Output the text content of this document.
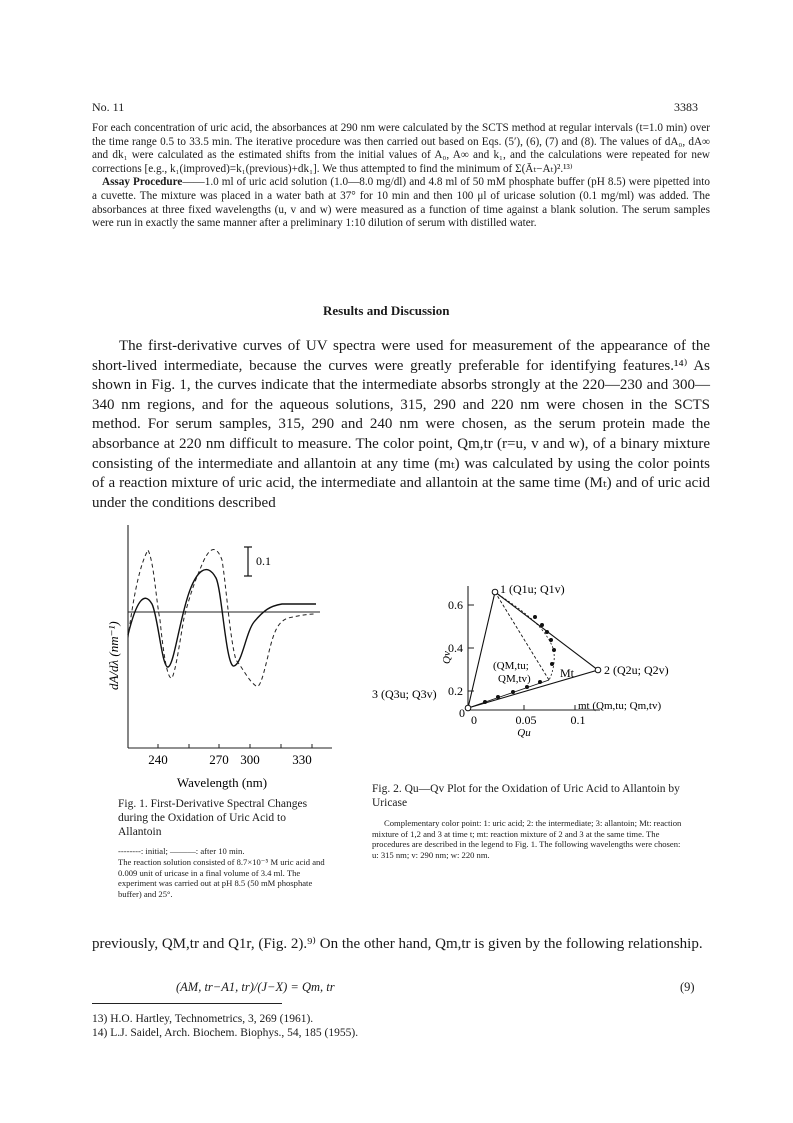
No. 11	3383

For each concentration of uric acid, the absorbances at 290 nm were calculated by the SCTS method at regular intervals (t=1.0 min) over the time range 0.5 to 33.5 min. The iterative procedure was then carried out based on Eqs. (5′), (6), (7) and (8). The values of dA₀, dA∞ and dk₁ were calculated as the estimated shifts from the initial values of A₀, A∞ and k₁, and the calculations were repeated for new corrections [e.g., k₁(improved)=k₁(previous)+dk₁]. We thus attempted to find the minimum of Σ(Āₜ−Aₜ)².¹³⁾

Assay Procedure——1.0 ml of uric acid solution (1.0—8.0 mg/dl) and 4.8 ml of 50 mM phosphate buffer (pH 8.5) were pipetted into a cuvette. The mixture was placed in a water bath at 37° for 10 min and then 100 μl of uricase solution (0.1 mg/ml) was added. The absorbances at three fixed wavelengths (u, v and w) were measured as a function of time against a blank solution. The serum samples were run in exactly the same manner after a preliminary 1:10 dilution of serum with distilled water.

Results and Discussion

The first-derivative curves of UV spectra were used for measurement of the appearance of the short-lived intermediate, because the curves were greatly preferable for identifying features.¹⁴⁾ As shown in Fig. 1, the curves indicate that the intermediate absorbs strongly at the 220—230 and 300—340 nm regions, and for the aqueous solutions, 315, 290 and 220 nm were chosen in the SCTS method. For serum samples, 315, 290 and 240 nm were chosen, as the serum protein made the absorbance at 220 nm difficult to measure. The color point, Qm,tr (r=u, v and w), of a binary mixture consisting of the intermediate and allantoin at any time (mₜ) was calculated by using the color points of a reaction mixture of uric acid, the intermediate and allantoin at the same time (Mₜ) and of uric acid under the conditions described

0.1
dA/dλ (nm⁻¹)
240	270 300	330
Wavelength (nm)
Fig. 1. First-Derivative Spectral Changes during the Oxidation of Uric Acid to Allantoin
--------: initial; ———: after 10 min.
The reaction solution consisted of 8.7×10⁻⁵ M uric acid and 0.009 unit of uricase in a final volume of 3.4 ml. The experiment was carried out at pH 8.5 (50 mM phosphate buffer) and 25°.
0.6
0.4
0.2
0 0	0.05	0.1
Qv
Qu
1 (Q1u; Q1v)
2 (Q2u; Q2v)
3 (Q3u; Q3v)
(QM,tu;
QM,tv) Mt
mt (Qm,tu; Qm,tv)
Fig. 2. Qu—Qv Plot for the Oxidation of Uric Acid to Allantoin by Uricase
Complementary color point: 1: uric acid; 2: the intermediate; 3: allantoin; Mt: reaction mixture of 1,2 and 3 at time t; mt: reaction mixture of 2 and 3 at the same time. The procedures are described in the legend to Fig. 1. The following wavelengths were chosen: u: 315 nm; v: 290 nm; w: 220 nm.

previously, QM,tr and Q1r, (Fig. 2).⁹⁾ On the other hand, Qm,tr is given by the following relationship.

(AM, tr−A1, tr)/(J−X) = Qm, tr	(9)
13) H.O. Hartley, Technometrics, 3, 269 (1961).
14) L.J. Saidel, Arch. Biochem. Biophys., 54, 185 (1955).
